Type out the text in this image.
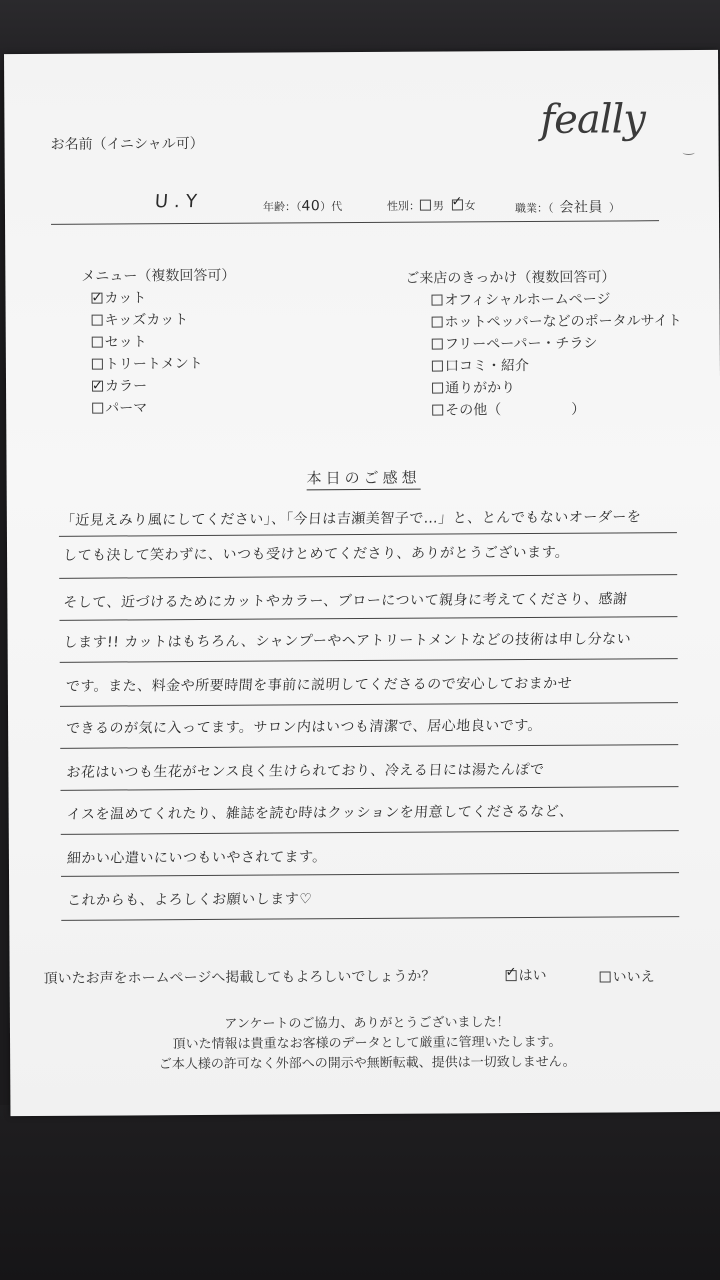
feally
お名前（イニシャル可）
U.Y	年齢：（40）代	性別： 男 ✓ 女	職業：（ 会社員 ）
メニュー（複数回答可）
✓ カット
キッズカット
セット
トリートメント
✓ カラー
パーマ
ご来店のきっかけ（複数回答可）
オフィシャルホームページ
ホットペッパーなどのポータルサイト
フリーペーパー・チラシ
口コミ・紹介
通りがかり
その他（　　　　　）
本日のご感想
「近見えみり風にしてください」、「今日は吉瀬美智子で…」と、とんでもないオーダーを
しても決して笑わずに、いつも受けとめてくださり、ありがとうございます。
そして、近づけるためにカットやカラー、ブローについて親身に考えてくださり、感謝
します!! カットはもちろん、シャンプーやヘアトリートメントなどの技術は申し分ない
です。また、料金や所要時間を事前に説明してくださるので安心しておまかせ
できるのが気に入ってます。サロン内はいつも清潔で、居心地良いです。
お花はいつも生花がセンス良く生けられており、冷える日には湯たんぽで
イスを温めてくれたり、雑誌を読む時はクッションを用意してくださるなど、
細かい心遣いにいつもいやされてます。
これからも、よろしくお願いします♡
頂いたお声をホームページへ掲載してもよろしいでしょうか？	✓ はい	いいえ
アンケートのご協力、ありがとうございました！
頂いた情報は貴重なお客様のデータとして厳重に管理いたします。
ご本人様の許可なく外部への開示や無断転載、提供は一切致しません。
